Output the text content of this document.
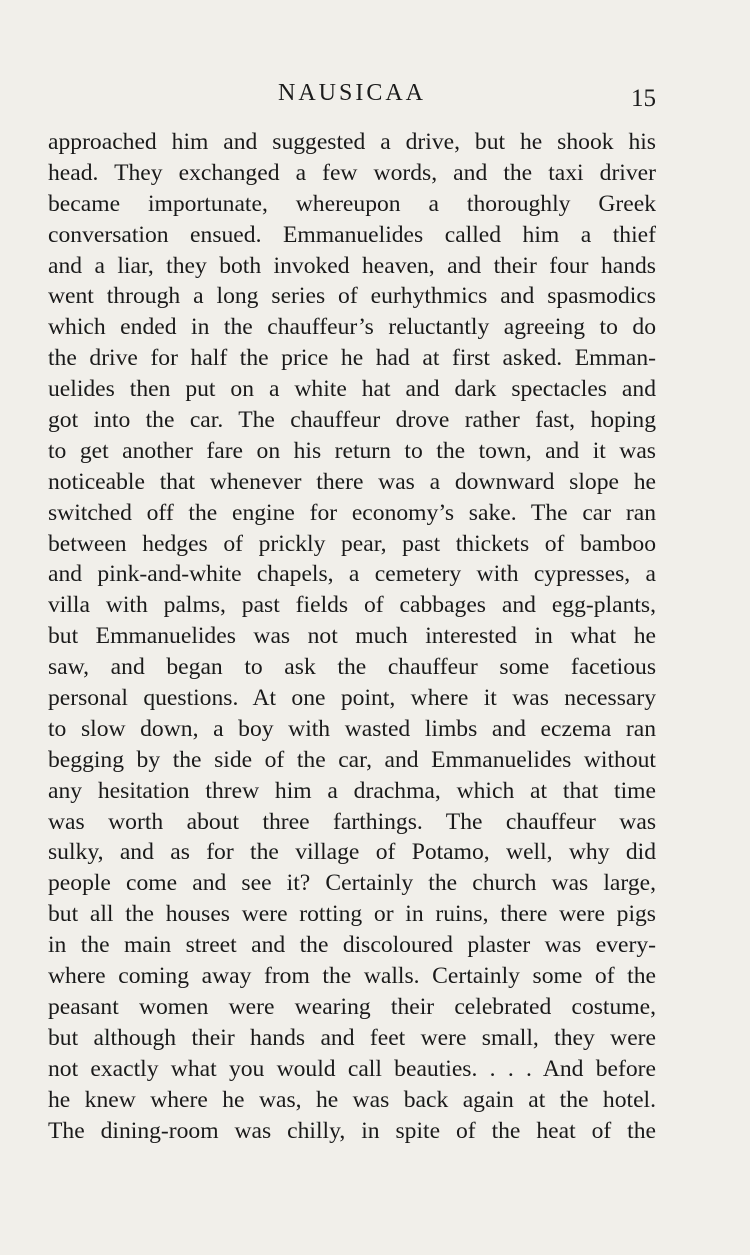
NAUSICAA	15
approached him and suggested a drive, but he shook his
head. They exchanged a few words, and the taxi driver
became importunate, whereupon a thoroughly Greek
conversation ensued. Emmanuelides called him a thief
and a liar, they both invoked heaven, and their four hands
went through a long series of eurhythmics and spasmodics
which ended in the chauffeur’s reluctantly agreeing to do
the drive for half the price he had at first asked. Emman-
uelides then put on a white hat and dark spectacles and
got into the car. The chauffeur drove rather fast, hoping
to get another fare on his return to the town, and it was
noticeable that whenever there was a downward slope he
switched off the engine for economy’s sake. The car ran
between hedges of prickly pear, past thickets of bamboo
and pink-and-white chapels, a cemetery with cypresses, a
villa with palms, past fields of cabbages and egg-plants,
but Emmanuelides was not much interested in what he
saw, and began to ask the chauffeur some facetious
personal questions. At one point, where it was necessary
to slow down, a boy with wasted limbs and eczema ran
begging by the side of the car, and Emmanuelides without
any hesitation threw him a drachma, which at that time
was worth about three farthings. The chauffeur was
sulky, and as for the village of Potamo, well, why did
people come and see it? Certainly the church was large,
but all the houses were rotting or in ruins, there were pigs
in the main street and the discoloured plaster was every-
where coming away from the walls. Certainly some of the
peasant women were wearing their celebrated costume,
but although their hands and feet were small, they were
not exactly what you would call beauties. . . . And before
he knew where he was, he was back again at the hotel.
The dining-room was chilly, in spite of the heat of the
